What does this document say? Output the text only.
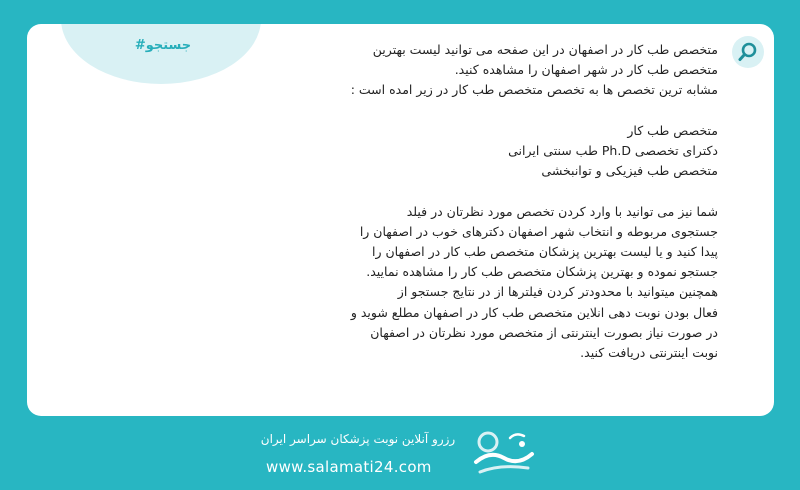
#جستجو	متخصص طب کار در اصفهان در این صفحه می توانید لیست بهترین

متخصص طب کار در شهر اصفهان را مشاهده کنید.

مشابه ترین تخصص ها به تخصص متخصص طب کار در زیر امده است :

متخصص طب کار

دکترای تخصصی Ph.D طب سنتی ایرانی

متخصص طب فیزیکی و توانبخشی

شما نیز می توانید با وارد کردن تخصص مورد نظرتان در فیلد

جستجوی مربوطه و انتخاب شهر اصفهان دکترهای خوب در اصفهان را

پیدا کنید و یا لیست بهترین پزشکان متخصص طب کار در اصفهان را

جستجو نموده و بهترین پزشکان متخصص طب کار را مشاهده نمایید.

همچنین میتوانید با محدودتر کردن فیلترها از در نتایج جستجو از

فعال بودن نوبت دهی انلاین متخصص طب کار در اصفهان مطلع شوید و

در صورت نیاز بصورت اینترنتی از متخصص مورد نظرتان در اصفهان

نوبت اینترنتی دریافت کنید.

رزرو آنلاین نوبت پزشکان سراسر ایران
www.salamati24.com
